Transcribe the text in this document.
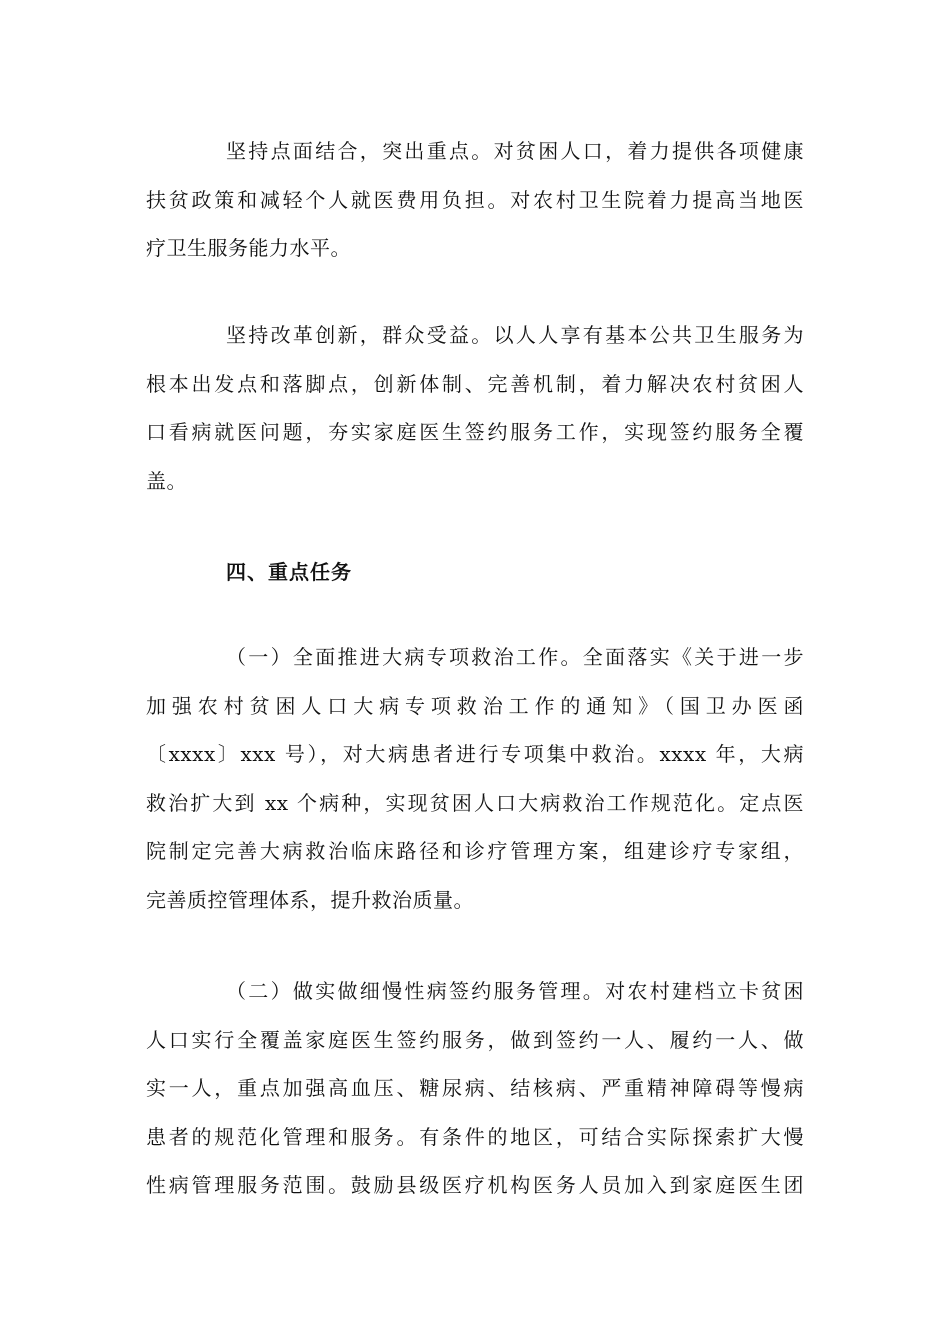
坚持点面结合，突出重点。对贫困人口，着力提供各项健康
扶贫政策和减轻个人就医费用负担。对农村卫生院着力提高当地医
疗卫生服务能力水平。

坚持改革创新，群众受益。以人人享有基本公共卫生服务为
根本出发点和落脚点，创新体制、完善机制，着力解决农村贫困人
口看病就医问题，夯实家庭医生签约服务工作，实现签约服务全覆
盖。

四、重点任务

（一）全面推进大病专项救治工作。全面落实《关于进一步
加强农村贫困人口大病专项救治工作的通知》（国卫办医函
〔xxxx〕xxx 号），对大病患者进行专项集中救治。xxxx 年，大病
救治扩大到 xx 个病种，实现贫困人口大病救治工作规范化。定点医
院制定完善大病救治临床路径和诊疗管理方案，组建诊疗专家组，
完善质控管理体系，提升救治质量。

（二）做实做细慢性病签约服务管理。对农村建档立卡贫困
人口实行全覆盖家庭医生签约服务，做到签约一人、履约一人、做
实一人，重点加强高血压、糖尿病、结核病、严重精神障碍等慢病
患者的规范化管理和服务。有条件的地区，可结合实际探索扩大慢
性病管理服务范围。鼓励县级医疗机构医务人员加入到家庭医生团
